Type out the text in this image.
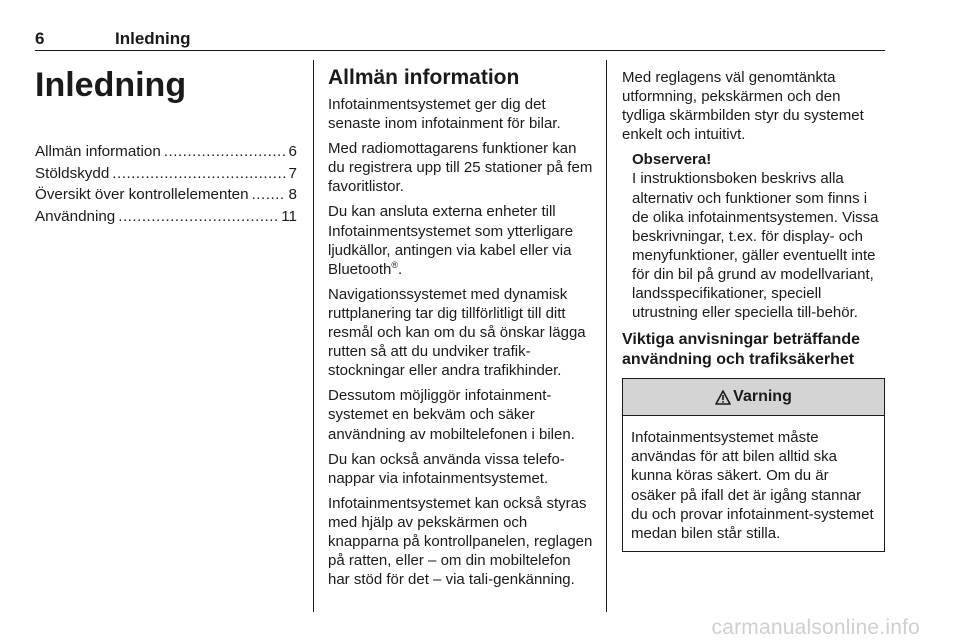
6	Inledning
Inledning
Allmän information .....	6
Stöldskydd .....	7
Översikt över kontrollelementen .....	8
Användning .....	11
Allmän information

Infotainmentsystemet ger dig det senaste inom infotainment för bilar.

Med radiomottagarens funktioner kan du registrera upp till 25 stationer på fem favoritlistor.

Du kan ansluta externa enheter till Infotainmentsystemet som ytterligare ljudkällor, antingen via kabel eller via Bluetooth®.

Navigationssystemet med dynamisk ruttplanering tar dig tillförlitligt till ditt resmål och kan om du så önskar lägga rutten så att du undviker trafik-stockningar eller andra trafikhinder.

Dessutom möjliggör infotainment-systemet en bekväm och säker användning av mobiltelefonen i bilen.

Du kan också använda vissa telefo-nappar via infotainmentsystemet.

Infotainmentsystemet kan också styras med hjälp av pekskärmen och knapparna på kontrollpanelen, reglagen på ratten, eller – om din mobiltelefon har stöd för det – via tali-genkänning.

Med reglagens väl genomtänkta utformning, pekskärmen och den tydliga skärmbilden styr du systemet enkelt och intuitivt.

Observera!

I instruktionsboken beskrivs alla alternativ och funktioner som finns i de olika infotainmentsystemen. Vissa beskrivningar, t.ex. för display- och menyfunktioner, gäller eventuellt inte för din bil på grund av modellvariant, landsspecifikationer, speciell utrustning eller speciella till-behör.

Viktiga anvisningar beträffande användning och trafiksäkerhet
Varning
Infotainmentsystemet måste användas för att bilen alltid ska kunna köras säkert. Om du är osäker på ifall det är igång stannar du och provar infotainment-systemet medan bilen står stilla.
carmanualsonline.info
